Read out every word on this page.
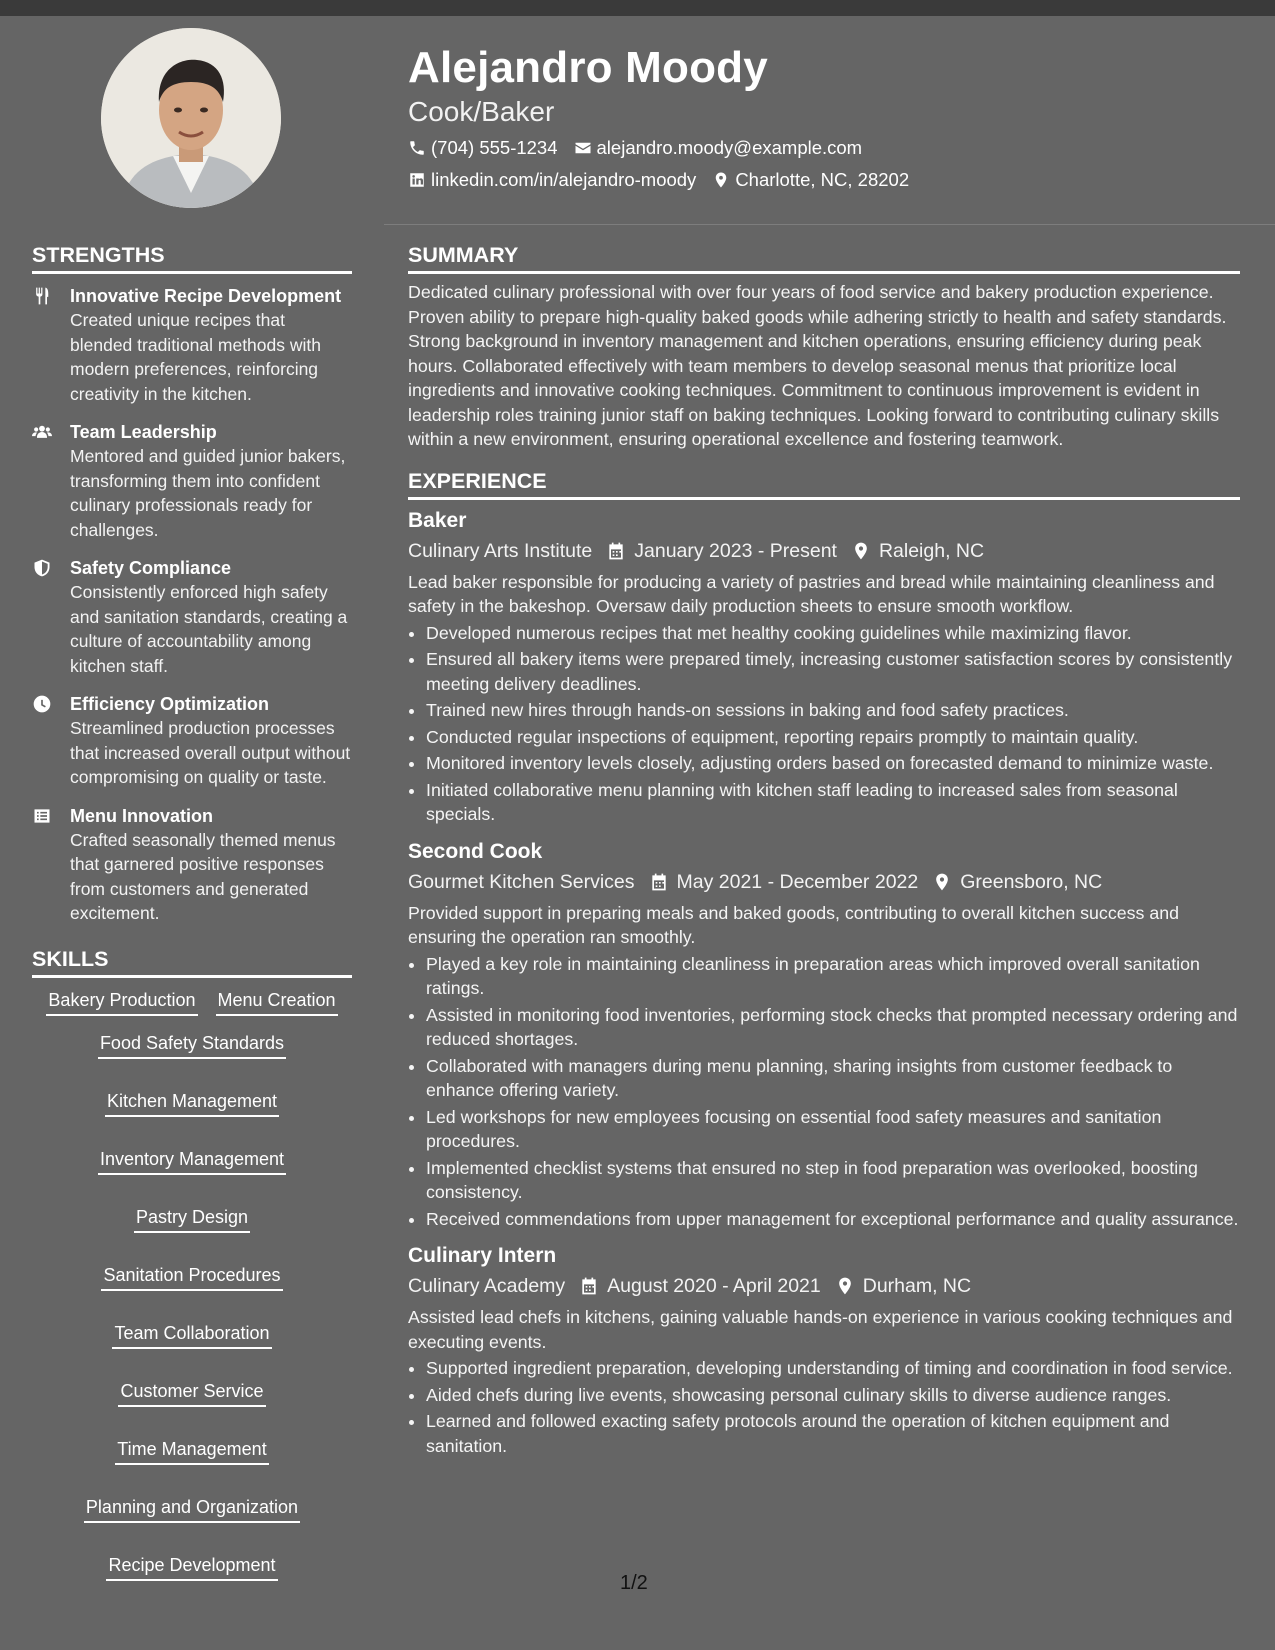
Alejandro Moody
Cook/Baker
(704) 555-1234 alejandro.moody@example.com
linkedin.com/in/alejandro-moody Charlotte, NC, 28202
STRENGTHS
Innovative Recipe Development
Created unique recipes that blended traditional methods with modern preferences, reinforcing creativity in the kitchen.
Team Leadership
Mentored and guided junior bakers, transforming them into confident culinary professionals ready for challenges.
Safety Compliance
Consistently enforced high safety and sanitation standards, creating a culture of accountability among kitchen staff.
Efficiency Optimization
Streamlined production processes that increased overall output without compromising on quality or taste.
Menu Innovation
Crafted seasonally themed menus that garnered positive responses from customers and generated excitement.
SKILLS
Bakery Production Menu Creation
Food Safety Standards
Kitchen Management
Inventory Management
Pastry Design
Sanitation Procedures
Team Collaboration
Customer Service
Time Management
Planning and Organization
Recipe Development
SUMMARY
Dedicated culinary professional with over four years of food service and bakery production experience. Proven ability to prepare high-quality baked goods while adhering strictly to health and safety standards. Strong background in inventory management and kitchen operations, ensuring efficiency during peak hours. Collaborated effectively with team members to develop seasonal menus that prioritize local ingredients and innovative cooking techniques. Commitment to continuous improvement is evident in leadership roles training junior staff on baking techniques. Looking forward to contributing culinary skills within a new environment, ensuring operational excellence and fostering teamwork.
EXPERIENCE
Baker
Culinary Arts Institute January 2023 - Present Raleigh, NC
Lead baker responsible for producing a variety of pastries and bread while maintaining cleanliness and safety in the bakeshop. Oversaw daily production sheets to ensure smooth workflow.
• Developed numerous recipes that met healthy cooking guidelines while maximizing flavor.
• Ensured all bakery items were prepared timely, increasing customer satisfaction scores by consistently meeting delivery deadlines.
• Trained new hires through hands-on sessions in baking and food safety practices.
• Conducted regular inspections of equipment, reporting repairs promptly to maintain quality.
• Monitored inventory levels closely, adjusting orders based on forecasted demand to minimize waste.
• Initiated collaborative menu planning with kitchen staff leading to increased sales from seasonal specials.
Second Cook
Gourmet Kitchen Services May 2021 - December 2022 Greensboro, NC
Provided support in preparing meals and baked goods, contributing to overall kitchen success and ensuring the operation ran smoothly.
• Played a key role in maintaining cleanliness in preparation areas which improved overall sanitation ratings.
• Assisted in monitoring food inventories, performing stock checks that prompted necessary ordering and reduced shortages.
• Collaborated with managers during menu planning, sharing insights from customer feedback to enhance offering variety.
• Led workshops for new employees focusing on essential food safety measures and sanitation procedures.
• Implemented checklist systems that ensured no step in food preparation was overlooked, boosting consistency.
• Received commendations from upper management for exceptional performance and quality assurance.
Culinary Intern
Culinary Academy August 2020 - April 2021 Durham, NC
Assisted lead chefs in kitchens, gaining valuable hands-on experience in various cooking techniques and executing events.
• Supported ingredient preparation, developing understanding of timing and coordination in food service.
• Aided chefs during live events, showcasing personal culinary skills to diverse audience ranges.
• Learned and followed exacting safety protocols around the operation of kitchen equipment and sanitation.
1/2
